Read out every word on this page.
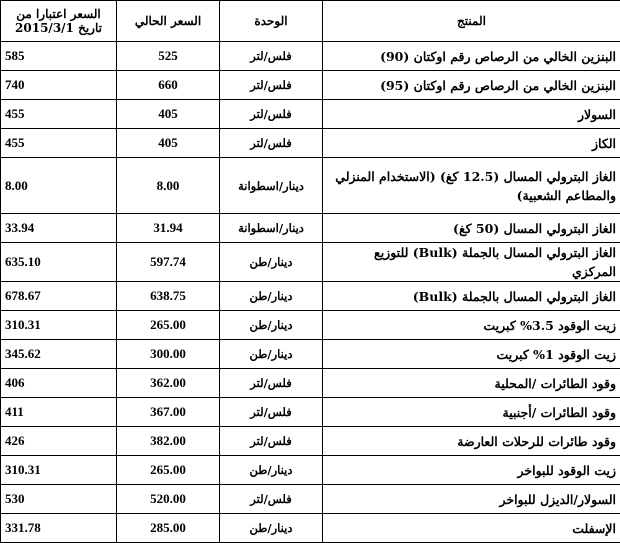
المنتج	الوحدة	السعر الحالي	السعر اعتبارا من تاريخ 2015/3/1
البنزين الخالي من الرصاص رقم اوكتان (90)	فلس/لتر	525	585
البنزين الخالي من الرصاص رقم اوكتان (95)	فلس/لتر	660	740
السولار	فلس/لتر	405	455
الكاز	فلس/لتر	405	455
الغاز البترولي المسال (12.5 كغ) (الاستخدام المنزلي والمطاعم الشعبية)	دينار/اسطوانة	8.00	8.00
الغاز البترولي المسال (50 كغ)	دينار/اسطوانة	31.94	33.94
الغاز البترولي المسال بالجملة (Bulk) للتوزيع المركزي	دينار/طن	597.74	635.10
الغاز البترولي المسال بالجملة (Bulk)	دينار/طن	638.75	678.67
زيت الوقود 3.5% كبريت	دينار/طن	265.00	310.31
زيت الوقود 1% كبريت	دينار/طن	300.00	345.62
وقود الطائرات /المحلية	فلس/لتر	362.00	406
وقود الطائرات /أجنبية	فلس/لتر	367.00	411
وقود طائرات للرحلات العارضة	فلس/لتر	382.00	426
زيت الوقود للبواخر	دينار/طن	265.00	310.31
السولار/الديزل للبواخر	فلس/لتر	520.00	530
الإسفلت	دينار/طن	285.00	331.78
